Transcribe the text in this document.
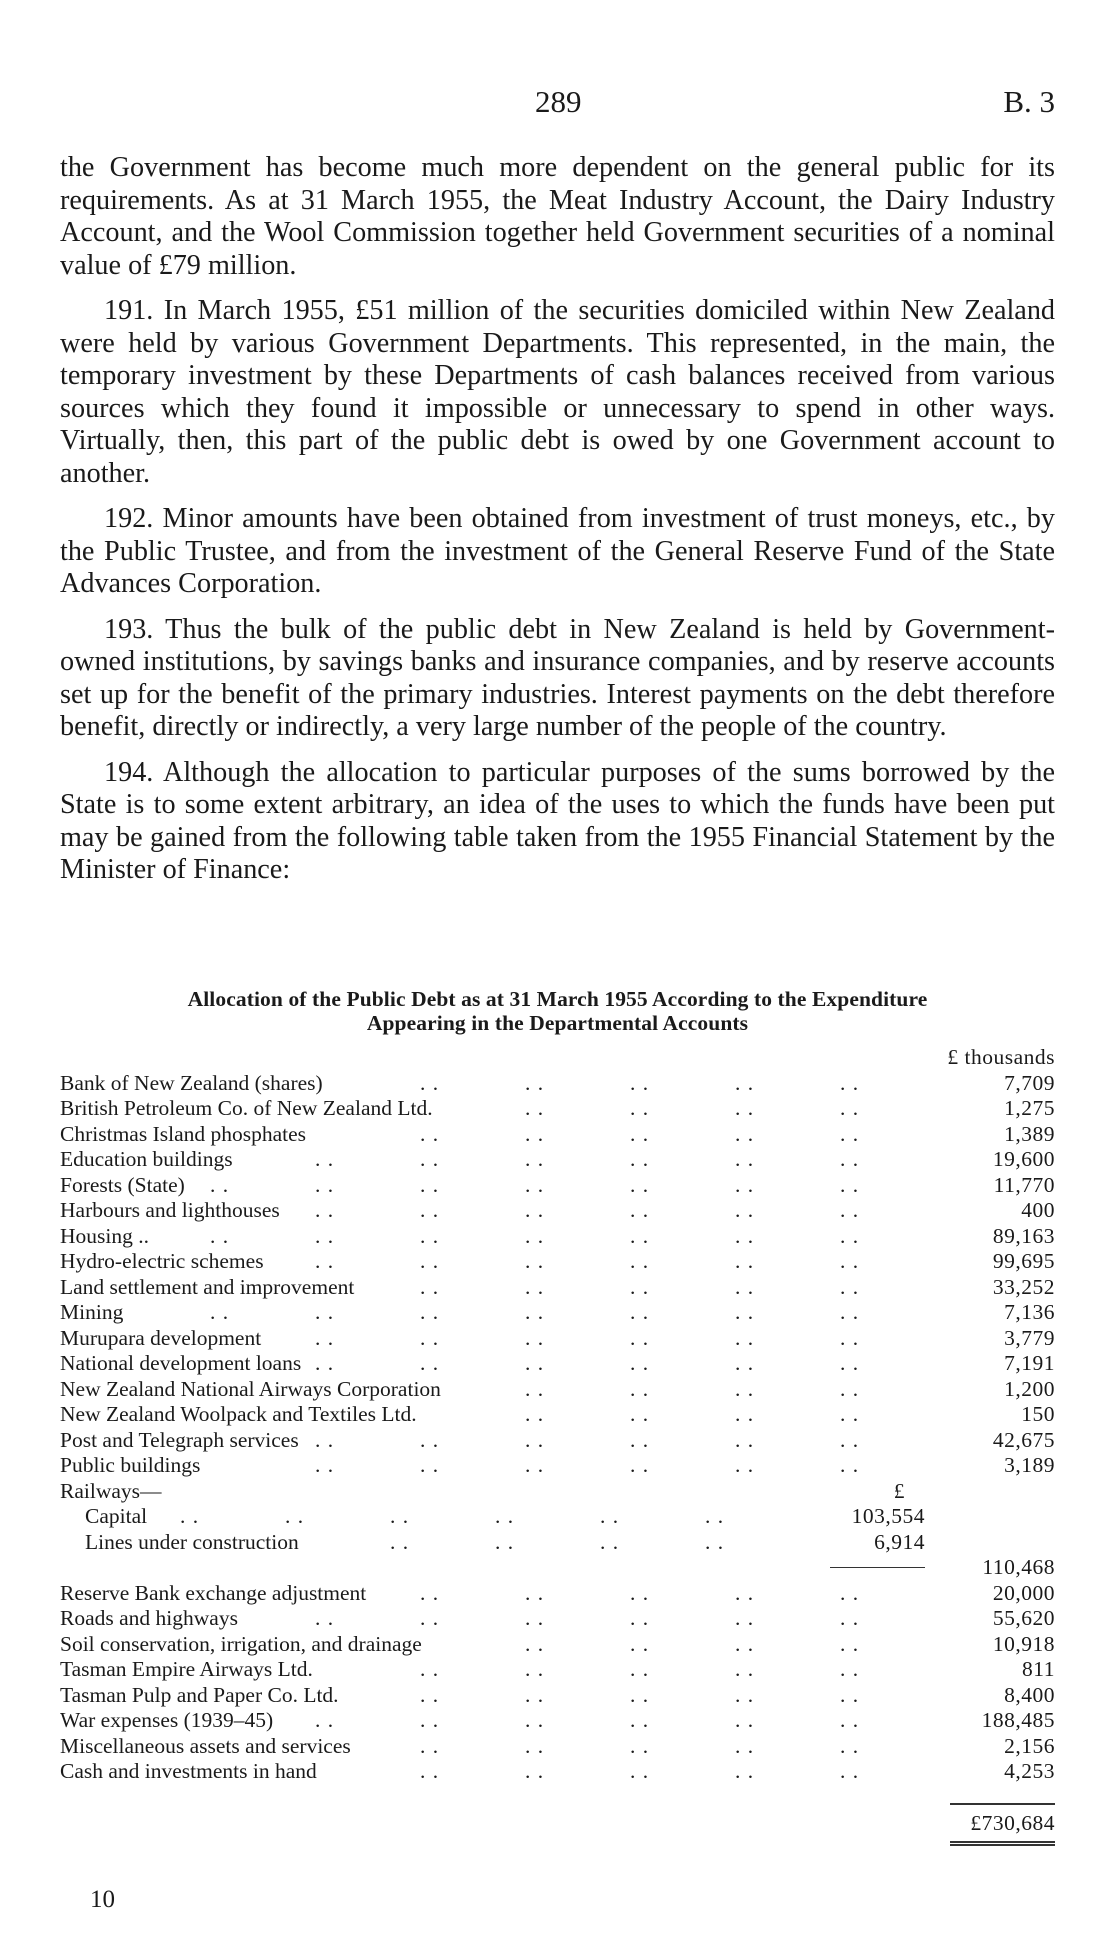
289	B. 3

the Government has become much more dependent on the general public for its requirements. As at 31 March 1955, the Meat Industry Account, the Dairy Industry Account, and the Wool Commission together held Government securities of a nominal value of £79 million.

191. In March 1955, £51 million of the securities domiciled within New Zealand were held by various Government Departments. This represented, in the main, the temporary investment by these Departments of cash balances received from various sources which they found it impossible or unnecessary to spend in other ways. Virtually, then, this part of the public debt is owed by one Government account to another.

192. Minor amounts have been obtained from investment of trust moneys, etc., by the Public Trustee, and from the investment of the General Reserve Fund of the State Advances Corporation.

193. Thus the bulk of the public debt in New Zealand is held by Government-owned institutions, by savings banks and insurance companies, and by reserve accounts set up for the benefit of the primary industries. Interest payments on the debt therefore benefit, directly or indirectly, a very large number of the people of the country.

194. Although the allocation to particular purposes of the sums borrowed by the State is to some extent arbitrary, an idea of the uses to which the funds have been put may be gained from the following table taken from the 1955 Financial Statement by the Minister of Finance:

Allocation of the Public Debt as at 31 March 1955 According to the Expenditure
Appearing in the Departmental Accounts
£ thousands
Bank of New Zealand (shares)	. .	. .	. .	. .	. .	7,709
British Petroleum Co. of New Zealand Ltd.	. .	. .	. .	. .	1,275
Christmas Island phosphates	. .	. .	. .	. .	. .	1,389
Education buildings	. .	. .	. .	. .	. .	. .	19,600
Forests (State) . .	. .	. .	. .	. .	. .	. .	11,770
Harbours and lighthouses . .	. .	. .	. .	. .	. .	400
Housing ..	. .	. .	. .	. .	. .	. .	. .	89,163
Hydro-electric schemes . .	. .	. .	. .	. .	. .	99,695
Land settlement and improvement	. .	. .	. .	. .	. .	33,252
Mining	. .	. .	. .	. .	. .	. .	. .	7,136
Murupara development	. .	. .	. .	. .	. .	. .	3,779
National development loans . .	. .	. .	. .	. .	. .	7,191
New Zealand National Airways Corporation	. .	. .	. .	. .	1,200
New Zealand Woolpack and Textiles Ltd.	. .	. .	. .	. .	150
Post and Telegraph services . .	. .	. .	. .	. .	. .	42,675
Public buildings	. .	. .	. .	. .	. .	. .	3,189
Railways—	£
Capital . .	. .	. .	. .	. .	. .	103,554
Lines under construction	. .	. .	. .	. .	6,914
110,468
Reserve Bank exchange adjustment . .	. .	. .	. .	. .	20,000
Roads and highways	. .	. .	. .	. .	. .	. .	55,620
Soil conservation, irrigation, and drainage	. .	. .	. .	. .	10,918
Tasman Empire Airways Ltd.	. .	. .	. .	. .	. .	811
Tasman Pulp and Paper Co. Ltd.	. .	. .	. .	. .	. .	8,400
War expenses (1939–45) . .	. .	. .	. .	. .	. .	188,485
Miscellaneous assets and services	. .	. .	. .	. .	. .	2,156
Cash and investments in hand	. .	. .	. .	. .	. .	4,253
£730,684
10
